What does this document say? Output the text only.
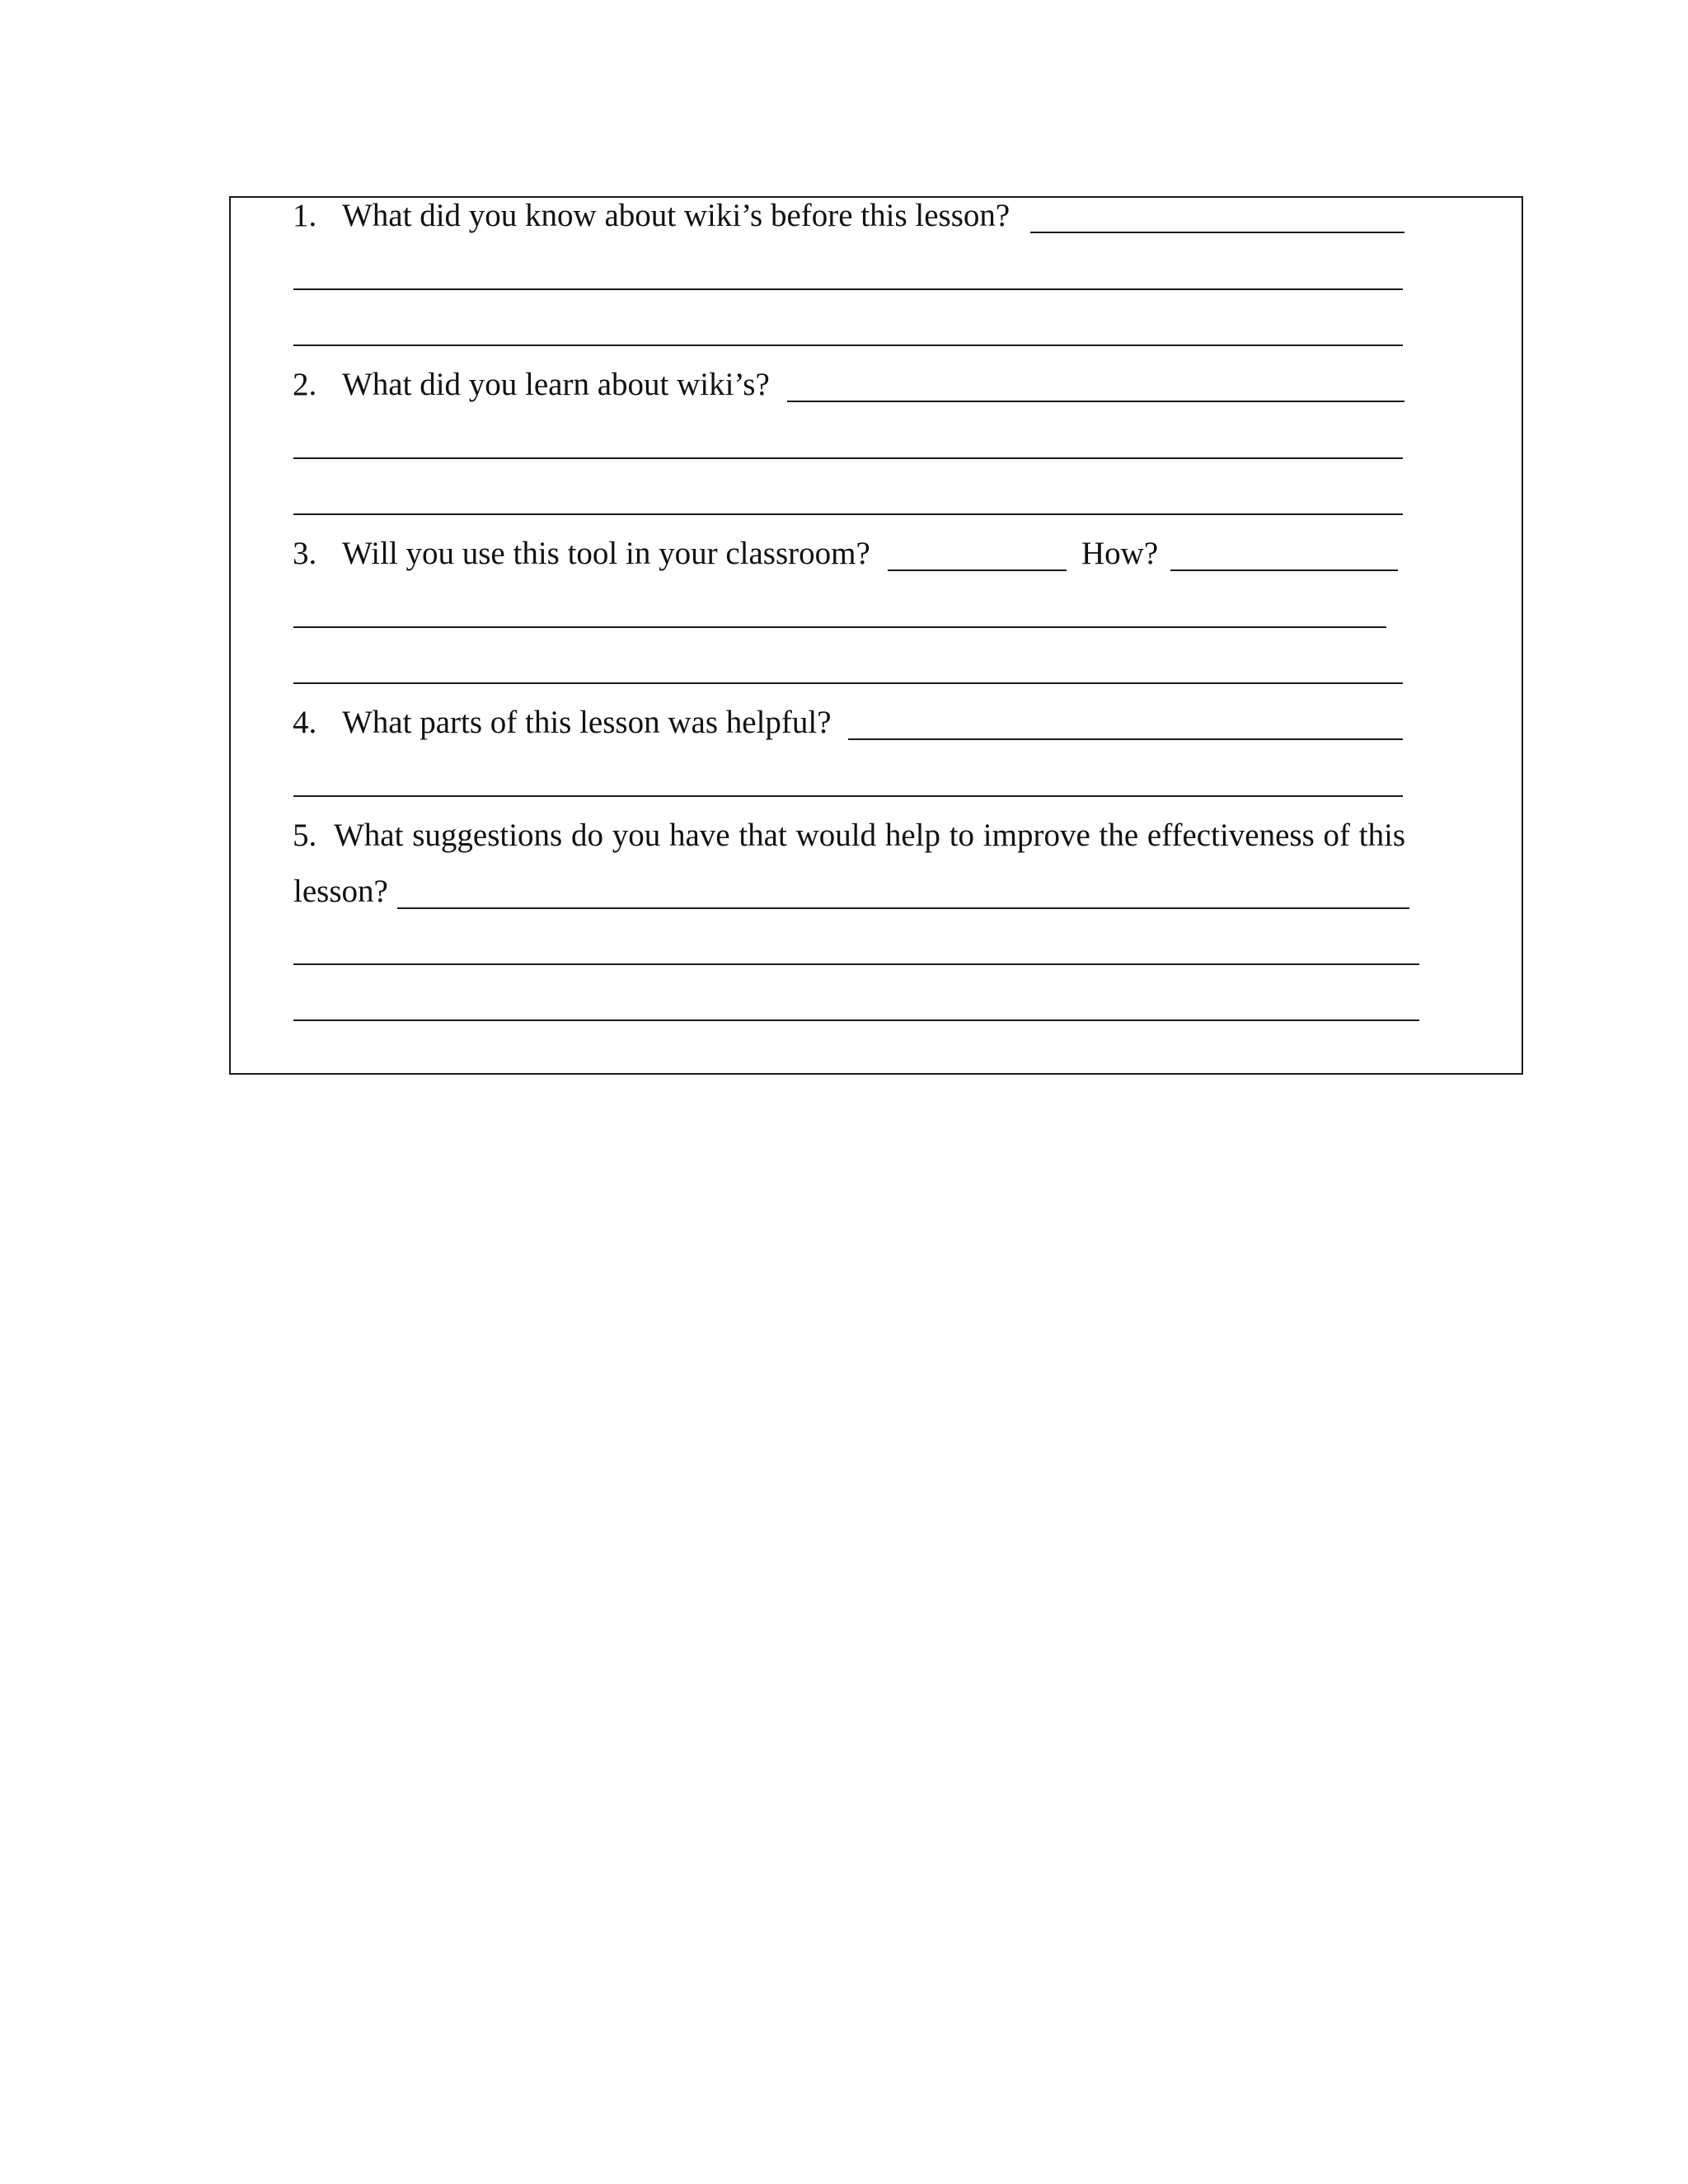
1. What did you know about wiki’s before this lesson?
2. What did you learn about wiki’s?
3. Will you use this tool in your classroom?	How?
4. What parts of this lesson was helpful?
5. What suggestions do you have that would help to improve the effectiveness of this
lesson?
